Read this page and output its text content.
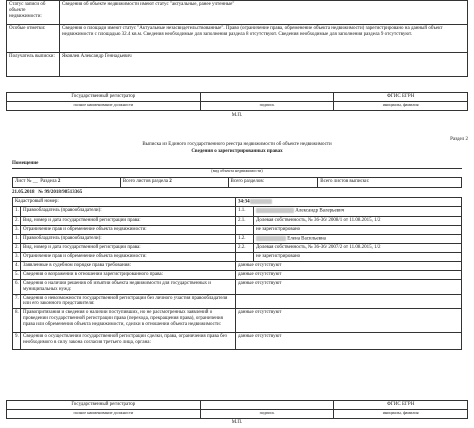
Статус записи об объекте недвижимости:	Сведения об объекте недвижимости имеют статус "актуальные, ранее учтенные"
Особые отметки:	Сведения о площади имеют статус "Актуальные незасвидетельствованные". Право (ограничение права, обременение объекта недвижимости) зарегистрировано на данный объект недвижимости с площадью 32.4 кв.м. Сведения необходимые для заполнения раздела 8 отсутствуют. Сведения необходимые для заполнения раздела 9 отсутствуют.
Получатель выписки:	Яковлев Александр Геннадьевич
Государственный регистратор		ФГИС ЕГРН
полное наименование должности	подпись	инициалы, фамилия
М.П.
Раздел 2
Выписка из Единого государственного реестра недвижимости об объекте недвижимости
Сведения о зарегистрированных правах
Помещение
(вид объекта недвижимости)
Лист № __ Раздела 2	Всего листов раздела 2	Всего разделов:	Всего листов выписки:
21.05.2018 № 99/2018/98513365
Кадастровый номер:		34:34	
1.	Правообладатель (правообладатели):	1.1.	Александр Валерьевич
2.	Вид, номер и дата государственной регистрации права:	2.1.	Долевая собственность, № 36-36/ 2008/1 от 11.08.2015, 1/2
3.	Ограничение прав и обременение объекта недвижимости:		не зарегистрировано
1.	Правообладатель (правообладатели):	1.2.	Елена Васильевна
2.	Вид, номер и дата государственной регистрации права:	2.2.	Долевая собственность, № 36-36/ 2007/2 от 11.08.2015, 1/2
3.	Ограничение прав и обременение объекта недвижимости:		не зарегистрировано
4.	Заявленные в судебном порядке права требования:	данные отсутствуют	
5.	Сведения о возражении в отношении зарегистрированного права:	данные отсутствуют	
6.	Сведения о наличии решения об изъятии объекта недвижимости для государственных и муниципальных нужд:	данные отсутствуют	
7.	Сведения о невозможности государственной регистрации без личного участия правообладателя или его законного представителя:		
8.	Правопритязания и сведения о наличии поступивших, но не рассмотренных заявлений о проведении государственной регистрации права (перехода, прекращения права), ограничения права или обременения объекта недвижимости, сделки в отношении объекта недвижимости:	данные отсутствуют	
9.	Сведения о осуществлении государственной регистрации сделки, права, ограничения права без необходимого в силу закона согласия третьего лица, органа:	данные отсутствуют	
Государственный регистратор		ФГИС ЕГРН
полное наименование должности	подпись	инициалы, фамилия
М.П.
